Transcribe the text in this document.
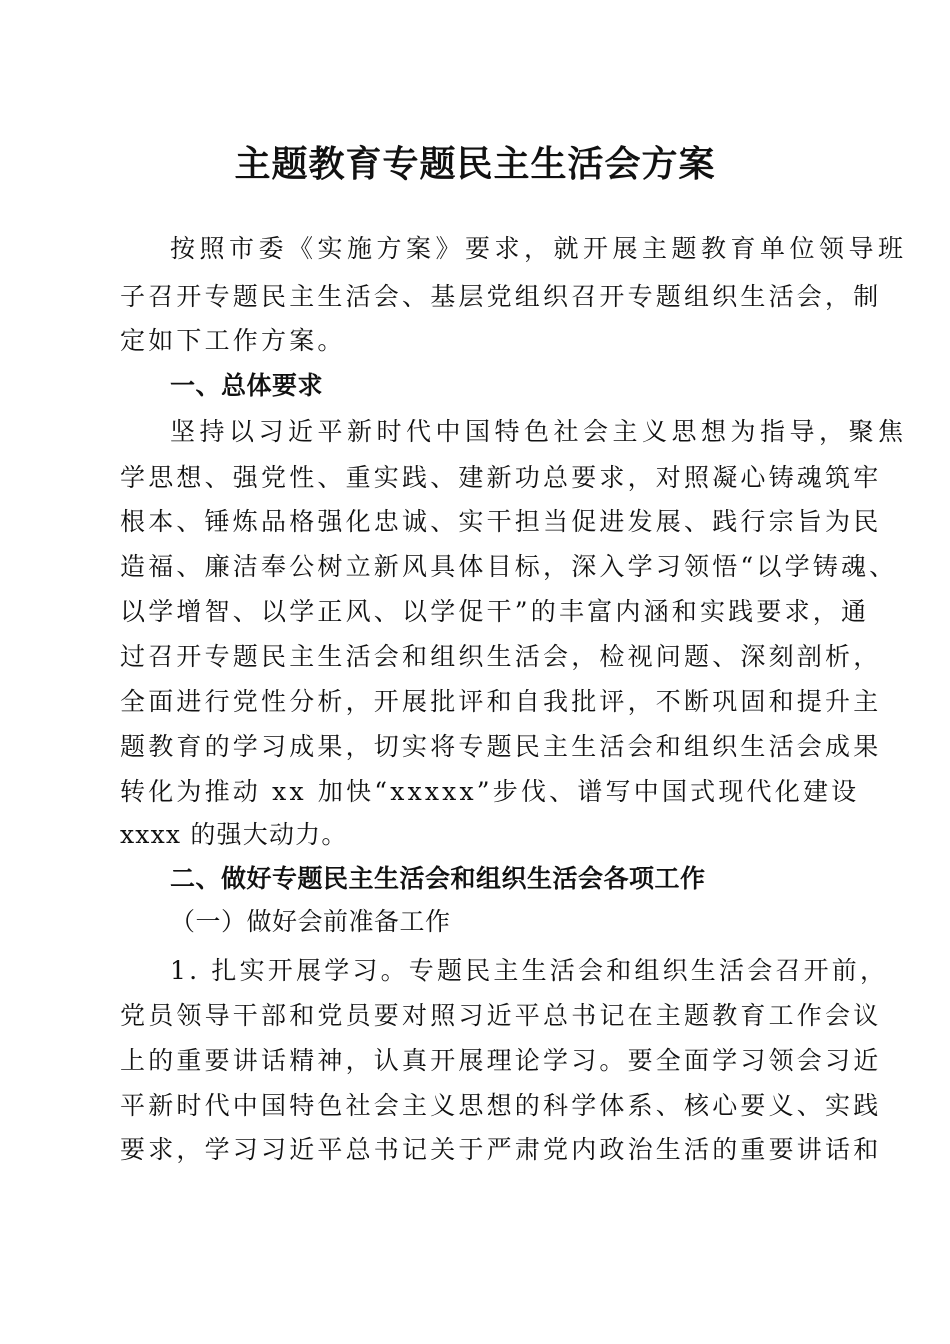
主题教育专题民主生活会方案
按照市委《实施方案》要求，就开展主题教育单位领导班
子召开专题民主生活会、基层党组织召开专题组织生活会，制
定如下工作方案。
一、总体要求
坚持以习近平新时代中国特色社会主义思想为指导，聚焦
学思想、强党性、重实践、建新功总要求，对照凝心铸魂筑牢
根本、锤炼品格强化忠诚、实干担当促进发展、践行宗旨为民
造福、廉洁奉公树立新风具体目标，深入学习领悟“以学铸魂、
以学增智、以学正风、以学促干”的丰富内涵和实践要求，通
过召开专题民主生活会和组织生活会，检视问题、深刻剖析，
全面进行党性分析，开展批评和自我批评，不断巩固和提升主
题教育的学习成果，切实将专题民主生活会和组织生活会成果
转化为推动 xx 加快“xxxxx”步伐、谱写中国式现代化建设
xxxx 的强大动力。
二、做好专题民主生活会和组织生活会各项工作
（一）做好会前准备工作
1. 扎实开展学习。专题民主生活会和组织生活会召开前，
党员领导干部和党员要对照习近平总书记在主题教育工作会议
上的重要讲话精神，认真开展理论学习。要全面学习领会习近
平新时代中国特色社会主义思想的科学体系、核心要义、实践
要求，学习习近平总书记关于严肃党内政治生活的重要讲话和
